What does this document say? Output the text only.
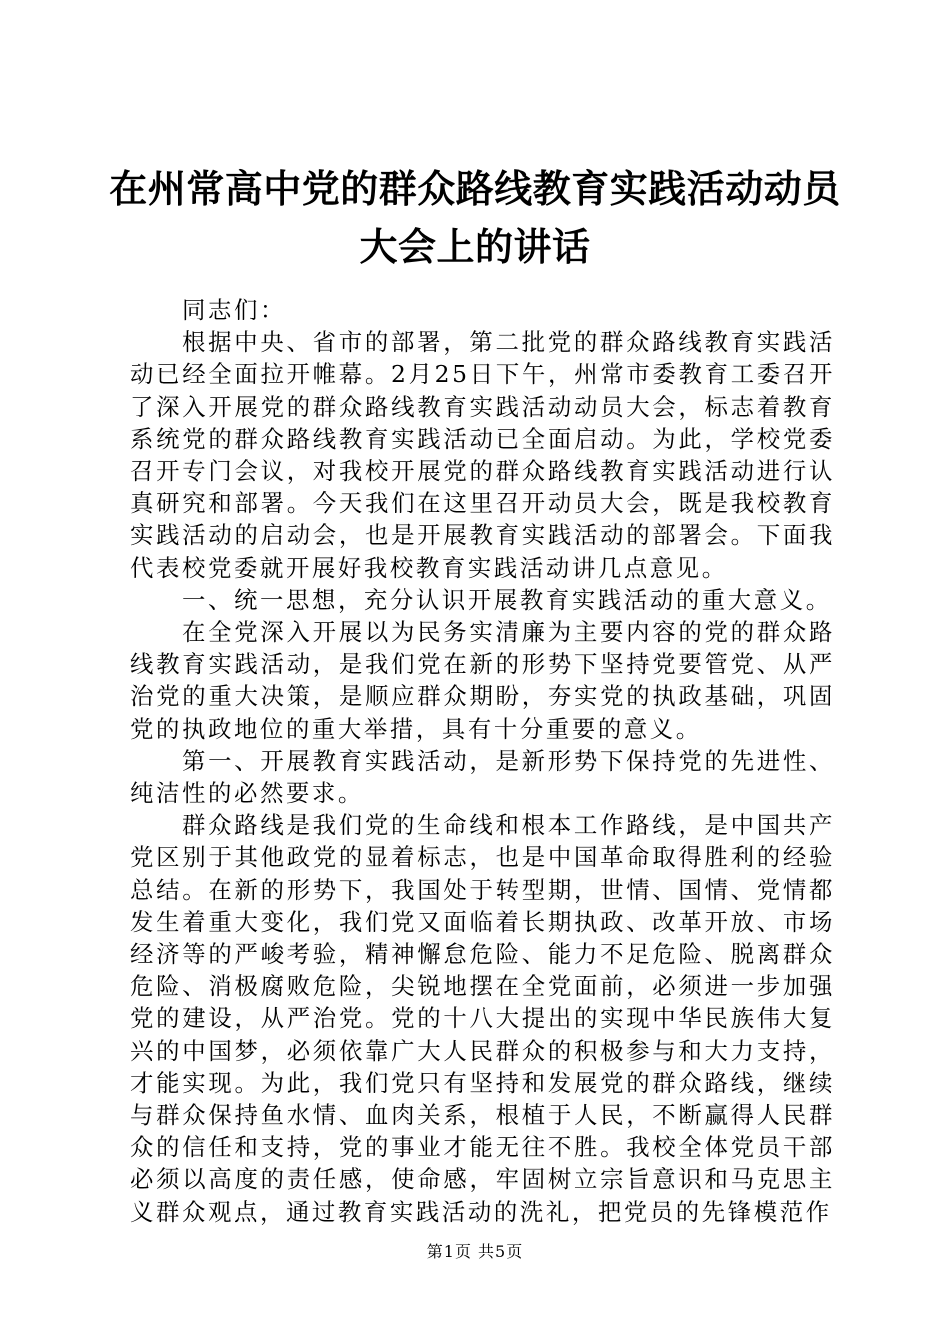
在州常高中党的群众路线教育实践活动动员大会上的讲话

同志们：

根据中央、省市的部署，第二批党的群众路线教育实践活动已经全面拉开帷幕。2月25日下午，州常市委教育工委召开了深入开展党的群众路线教育实践活动动员大会，标志着教育系统党的群众路线教育实践活动已全面启动。为此，学校党委召开专门会议，对我校开展党的群众路线教育实践活动进行认真研究和部署。今天我们在这里召开动员大会，既是我校教育实践活动的启动会，也是开展教育实践活动的部署会。下面我代表校党委就开展好我校教育实践活动讲几点意见。

一、统一思想，充分认识开展教育实践活动的重大意义。

在全党深入开展以为民务实清廉为主要内容的党的群众路线教育实践活动，是我们党在新的形势下坚持党要管党、从严治党的重大决策，是顺应群众期盼，夯实党的执政基础，巩固党的执政地位的重大举措，具有十分重要的意义。

第一、开展教育实践活动，是新形势下保持党的先进性、纯洁性的必然要求。

群众路线是我们党的生命线和根本工作路线，是中国共产党区别于其他政党的显着标志，也是中国革命取得胜利的经验总结。在新的形势下，我国处于转型期，世情、国情、党情都发生着重大变化，我们党又面临着长期执政、改革开放、市场经济等的严峻考验，精神懈怠危险、能力不足危险、脱离群众危险、消极腐败危险，尖锐地摆在全党面前，必须进一步加强党的建设，从严治党。党的十八大提出的实现中华民族伟大复兴的中国梦，必须依靠广大人民群众的积极参与和大力支持，才能实现。为此，我们党只有坚持和发展党的群众路线，继续与群众保持鱼水情、血肉关系，根植于人民，不断赢得人民群众的信任和支持，党的事业才能无往不胜。我校全体党员干部必须以高度的责任感，使命感，牢固树立宗旨意识和马克思主义群众观点，通过教育实践活动的洗礼，把党员的先锋模范作

第1页 共5页
